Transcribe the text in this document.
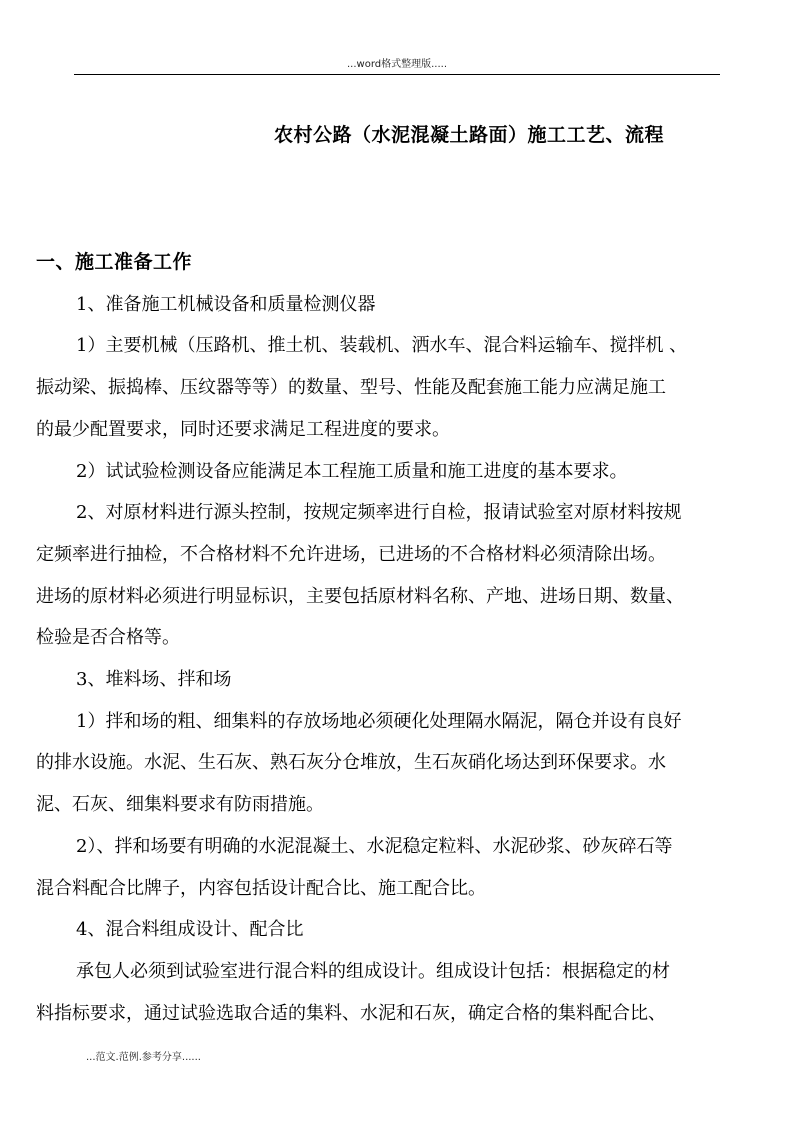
...word格式整理版.....
农村公路（水泥混凝土路面）施工工艺、流程

一、施工准备工作

1、准备施工机械设备和质量检测仪器

1）主要机械（压路机、推土机、装载机、洒水车、混合料运输车、搅拌机 、

振动梁、振捣棒、压纹器等等）的数量、型号、性能及配套施工能力应满足施工

的最少配置要求，同时还要求满足工程进度的要求。

2）试试验检测设备应能满足本工程施工质量和施工进度的基本要求。

2、对原材料进行源头控制，按规定频率进行自检，报请试验室对原材料按规

定频率进行抽检，不合格材料不允许进场，已进场的不合格材料必须清除出场。

进场的原材料必须进行明显标识，主要包括原材料名称、产地、进场日期、数量、

检验是否合格等。

3、堆料场、拌和场

1）拌和场的粗、细集料的存放场地必须硬化处理隔水隔泥，隔仓并设有良好

的排水设施。水泥、生石灰、熟石灰分仓堆放，生石灰硝化场达到环保要求。水

泥、石灰、细集料要求有防雨措施。

2）、拌和场要有明确的水泥混凝土、水泥稳定粒料、水泥砂浆、砂灰碎石等

混合料配合比牌子，内容包括设计配合比、施工配合比。

4、混合料组成设计、配合比

承包人必须到试验室进行混合料的组成设计。组成设计包括：根据稳定的材

料指标要求，通过试验选取合适的集料、水泥和石灰，确定合格的集料配合比、

...范文.范例.参考分享......
